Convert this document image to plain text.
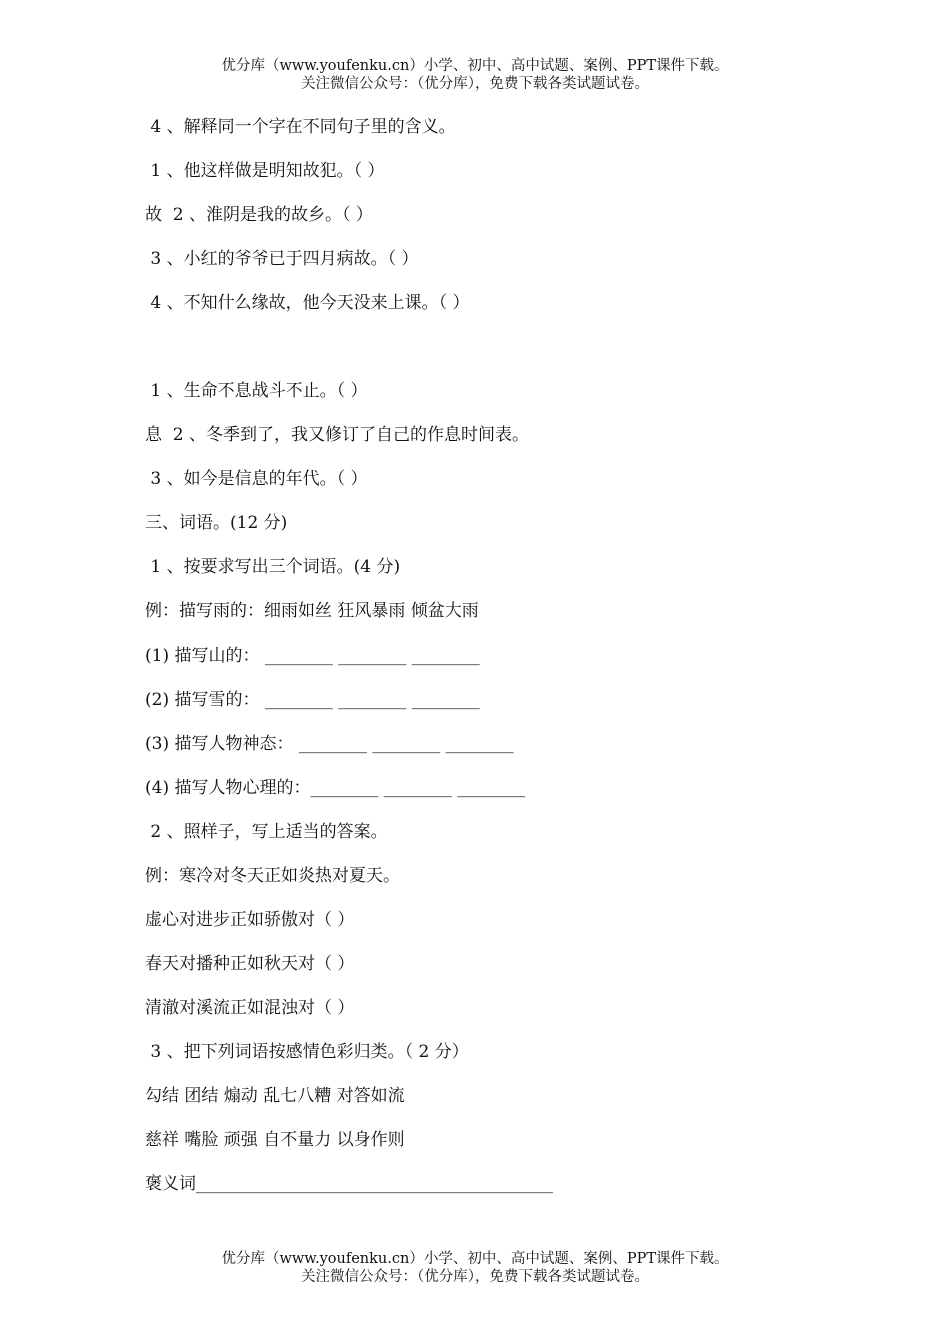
优分库（www.youfenku.cn）小学、初中、高中试题、案例、PPT课件下载。
关注微信公众号：（优分库），免费下载各类试题试卷。
4 、解释同一个字在不同句子里的含义。
1 、他这样做是明知故犯。（ ）
故  2 、淮阴是我的故乡。（ ）
3 、小红的爷爷已于四月病故。（ ）
4 、不知什么缘故，他今天没来上课。（ ）
1 、生命不息战斗不止。（ ）
息  2 、冬季到了，我又修订了自己的作息时间表。
3 、如今是信息的年代。（ ）
三、词语。(12 分)
1 、按要求写出三个词语。(4 分)
例：描写雨的：细雨如丝 狂风暴雨 倾盆大雨
(1) 描写山的： ________ ________ ________
(2) 描写雪的： ________ ________ ________
(3) 描写人物神态： ________ ________ ________
(4) 描写人物心理的：________ ________ ________
2 、照样子，写上适当的答案。
例：寒冷对冬天正如炎热对夏天。
虚心对进步正如骄傲对（ ）
春天对播种正如秋天对（ ）
清澈对溪流正如混浊对（ ）
3 、把下列词语按感情色彩归类。（ 2 分）
勾结 团结 煽动 乱七八糟 对答如流
慈祥 嘴脸 顽强 自不量力 以身作则
褒义词__________________________________________
优分库（www.youfenku.cn）小学、初中、高中试题、案例、PPT课件下载。
关注微信公众号：（优分库），免费下载各类试题试卷。
